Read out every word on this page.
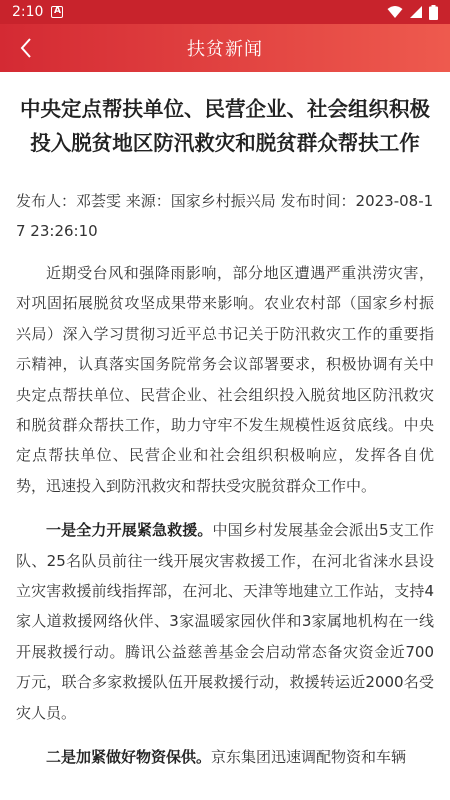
2:10 A
扶贫新闻
中央定点帮扶单位、民营企业、社会组织积极投入脱贫地区防汛救灾和脱贫群众帮扶工作
发布人：邓荟雯 来源：国家乡村振兴局 发布时间：2023-08-17 23:26:10

近期受台风和强降雨影响，部分地区遭遇严重洪涝灾害，对巩固拓展脱贫攻坚成果带来影响。农业农村部（国家乡村振兴局）深入学习贯彻习近平总书记关于防汛救灾工作的重要指示精神，认真落实国务院常务会议部署要求，积极协调有关中央定点帮扶单位、民营企业、社会组织投入脱贫地区防汛救灾和脱贫群众帮扶工作，助力守牢不发生规模性返贫底线。中央定点帮扶单位、民营企业和社会组织积极响应，发挥各自优势，迅速投入到防汛救灾和帮扶受灾脱贫群众工作中。

一是全力开展紧急救援。中国乡村发展基金会派出5支工作队、25名队员前往一线开展灾害救援工作，在河北省涞水县设立灾害救援前线指挥部，在河北、天津等地建立工作站，支持4家人道救援网络伙伴、3家温暖家园伙伴和3家属地机构在一线开展救援行动。腾讯公益慈善基金会启动常态备灾资金近700万元，联合多家救援队伍开展救援行动，救援转运近2000名受灾人员。

二是加紧做好物资保供。京东集团迅速调配物资和车辆
